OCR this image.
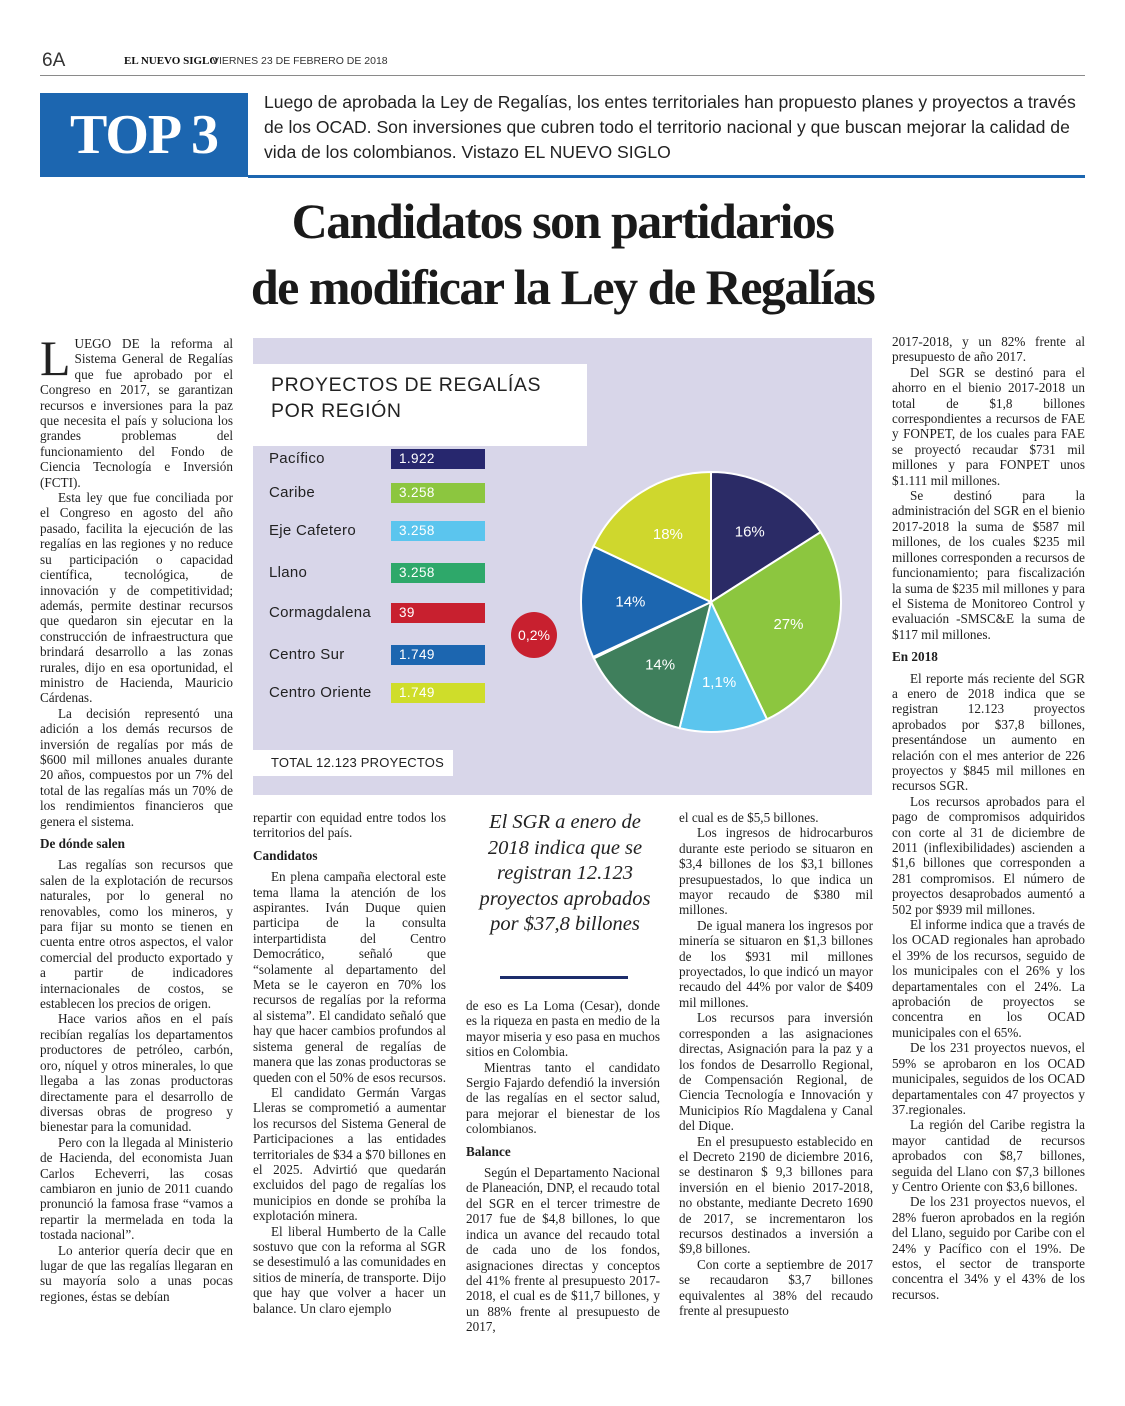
6A	EL NUEVO SIGLO
VIERNES 23 DE FEBRERO DE 2018
TOP 3
Luego de aprobada la Ley de Regalías, los entes territoriales han propuesto planes y proyectos a través de los OCAD. Son inversiones que cubren todo el territorio nacional y que buscan mejorar la calidad de vida de los colombianos. Vistazo EL NUEVO SIGLO
Candidatos son partidarios
de modificar la Ley de Regalías

LUEGO DE la reforma al Sistema General de Regalías que fue aprobado por el Congreso en 2017, se garantizan recursos e inversiones para la paz que necesita el país y soluciona los grandes problemas del funcionamiento del Fondo de Ciencia Tecnología e Inversión (FCTI).

Esta ley que fue conciliada por el Congreso en agosto del año pasado, facilita la ejecución de las regalías en las regiones y no reduce su participación o capacidad científica, tecnológica, de innovación y de competitividad; además, permite destinar recursos que quedaron sin ejecutar en la construcción de infraestructura que brindará desarrollo a las zonas rurales, dijo en esa oportunidad, el ministro de Hacienda, Mauricio Cárdenas.

La decisión representó una adición a los demás recursos de inversión de regalías por más de $600 mil millones anuales durante 20 años, compuestos por un 7% del total de las regalías más un 70% de los rendimientos financieros que genera el sistema.

De dónde salen

Las regalías son recursos que salen de la explotación de recursos naturales, por lo general no renovables, como los mineros, y para fijar su monto se tienen en cuenta entre otros aspectos, el valor comercial del producto exportado y a partir de indicadores internacionales de costos, se establecen los precios de origen.

Hace varios años en el país recibían regalías los departamentos productores de petróleo, carbón, oro, níquel y otros minerales, lo que llegaba a las zonas productoras directamente para el desarrollo de diversas obras de progreso y bienestar para la comunidad.

Pero con la llegada al Ministerio de Hacienda, del economista Juan Carlos Echeverri, las cosas cambiaron en junio de 2011 cuando pronunció la famosa frase “vamos a repartir la mermelada en toda la tostada nacional”.

Lo anterior quería decir que en lugar de que las regalías llegaran en su mayoría solo a unas pocas regiones, éstas se debían

16%
27%
1,1%
14%
0,2%
14%
18%
PROYECTOS DE REGALÍAS
POR REGIÓN
Pacífico	1.922
Caribe	3.258
Eje Cafetero	3.258
Llano	3.258
Cormagdalena	39
Centro Sur	1.749
Centro Oriente	1.749
TOTAL 12.123 PROYECTOS

repartir con equidad entre todos los territorios del país.

Candidatos

En plena campaña electoral este tema llama la atención de los aspirantes. Iván Duque quien participa de la consulta interpartidista del Centro Democrático, señaló que “solamente al departamento del Meta se le cayeron en 70% los recursos de regalías por la reforma al sistema”. El candidato señaló que hay que hacer cambios profundos al sistema general de regalías de manera que las zonas productoras se queden con el 50% de esos recursos.

El candidato Germán Vargas Lleras se comprometió a aumentar los recursos del Sistema General de Participaciones a las entidades territoriales de $34 a $70 billones en el 2025. Advirtió que quedarán excluidos del pago de regalías los municipios en donde se prohíba la explotación minera.

El liberal Humberto de la Calle sostuvo que con la reforma al SGR se desestimuló a las comunidades en sitios de minería, de transporte. Dijo que hay que volver a hacer un balance. Un claro ejemplo

El SGR a enero de 2018 indica que se registran 12.123 proyectos aprobados por $37,8 billones

de eso es La Loma (Cesar), donde es la riqueza en pasta en medio de la mayor miseria y eso pasa en muchos sitios en Colombia.

Mientras tanto el candidato Sergio Fajardo defendió la inversión de las regalías en el sector salud, para mejorar el bienestar de los colombianos.

Balance

Según el Departamento Nacional de Planeación, DNP, el recaudo total del SGR en el tercer trimestre de 2017 fue de $4,8 billones, lo que indica un avance del recaudo total de cada uno de los fondos, asignaciones directas y conceptos del 41% frente al presupuesto 2017-2018, el cual es de $11,7 billones, y un 88% frente al presupuesto de 2017,

el cual es de $5,5 billones.

Los ingresos de hidrocarburos durante este periodo se situaron en $3,4 billones de los $3,1 billones presupuestados, lo que indica un mayor recaudo de $380 mil millones.

De igual manera los ingresos por minería se situaron en $1,3 billones de los $931 mil millones proyectados, lo que indicó un mayor recaudo del 44% por valor de $409 mil millones.

Los recursos para inversión corresponden a las asignaciones directas, Asignación para la paz y a los fondos de Desarrollo Regional, de Compensación Regional, de Ciencia Tecnología e Innovación y Municipios Río Magdalena y Canal del Dique.

En el presupuesto establecido en el Decreto 2190 de diciembre 2016, se destinaron $ 9,3 billones para inversión en el bienio 2017-2018, no obstante, mediante Decreto 1690 de 2017, se incrementaron los recursos destinados a inversión a $9,8 billones.

Con corte a septiembre de 2017 se recaudaron $3,7 billones equivalentes al 38% del recaudo frente al presupuesto

2017-2018, y un 82% frente al presupuesto de año 2017.

Del SGR se destinó para el ahorro en el bienio 2017-2018 un total de $1,8 billones correspondientes a recursos de FAE y FONPET, de los cuales para FAE se proyectó recaudar $731 mil millones y para FONPET unos $1.111 mil millones.

Se destinó para la administración del SGR en el bienio 2017-2018 la suma de $587 mil millones, de los cuales $235 mil millones corresponden a recursos de funcionamiento; para fiscalización la suma de $235 mil millones y para el Sistema de Monitoreo Control y evaluación -SMSC&E la suma de $117 mil millones.

En 2018

El reporte más reciente del SGR a enero de 2018 indica que se registran 12.123 proyectos aprobados por $37,8 billones, presentándose un aumento en relación con el mes anterior de 226 proyectos y $845 mil millones en recursos SGR.

Los recursos aprobados para el pago de compromisos adquiridos con corte al 31 de diciembre de 2011 (inflexibilidades) ascienden a $1,6 billones que corresponden a 281 compromisos. El número de proyectos desaprobados aumentó a 502 por $939 mil millones.

El informe indica que a través de los OCAD regionales han aprobado el 39% de los recursos, seguido de los municipales con el 26% y los departamentales con el 24%. La aprobación de proyectos se concentra en los OCAD municipales con el 65%.

De los 231 proyectos nuevos, el 59% se aprobaron en los OCAD municipales, seguidos de los OCAD departamentales con 47 proyectos y 37.regionales.

La región del Caribe registra la mayor cantidad de recursos aprobados con $8,7 billones, seguida del Llano con $7,3 billones y Centro Oriente con $3,6 billones.

De los 231 proyectos nuevos, el 28% fueron aprobados en la región del Llano, seguido por Caribe con el 24% y Pacífico con el 19%. De estos, el sector de transporte concentra el 34% y el 43% de los recursos.
